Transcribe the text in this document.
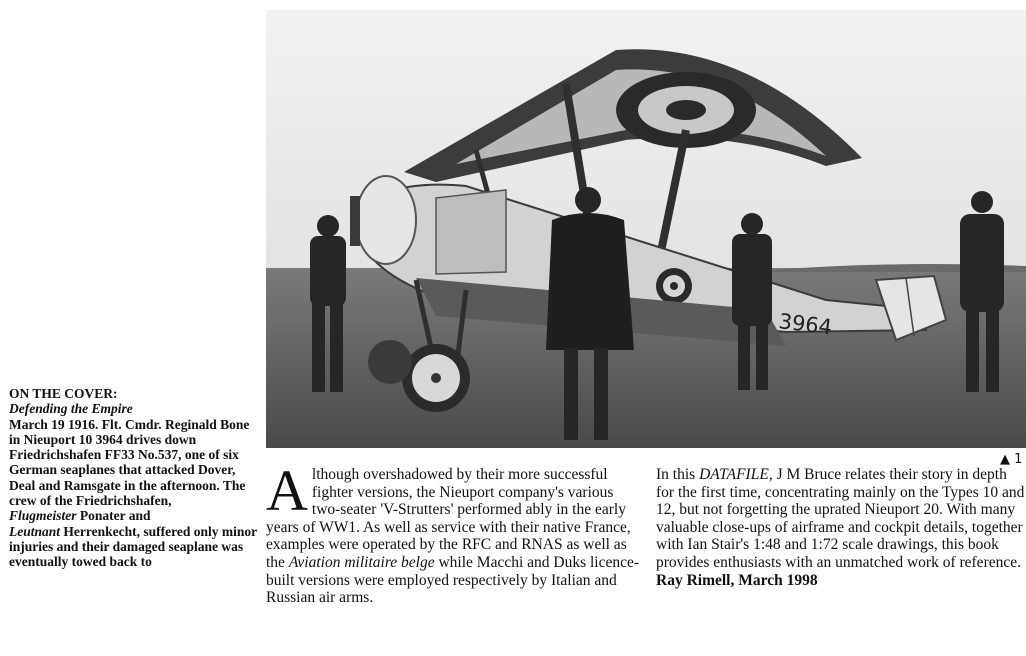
ON THE COVER:
Defending the Empire
March 19 1916. Flt. Cmdr. Reginald Bone in Nieuport 10 3964 drives down Friedrichshafen FF33 No.537, one of six German seaplanes that attacked Dover, Deal and Ramsgate in the afternoon. The crew of the Friedrichshafen,
Flugmeister Ponater and
Leutnant Herrenkecht, suffered only minor injuries and their damaged seaplane was eventually towed back to
3964
▲ 1
Although overshadowed by their more successful fighter versions, the Nieuport company's various two-seater 'V-Strutters' performed ably in the early years of WW1. As well as service with their native France, examples were operated by the RFC and RNAS as well as the Aviation militaire belge while Macchi and Duks licence-built versions were employed respectively by Italian and Russian air arms.
In this DATAFILE, J M Bruce relates their story in depth for the first time, concentrating mainly on the Types 10 and 12, but not forgetting the uprated Nieuport 20. With many valuable close-ups of airframe and cockpit details, together with Ian Stair's 1:48 and 1:72 scale drawings, this book provides enthusiasts with an unmatched work of reference.
Ray Rimell, March 1998
